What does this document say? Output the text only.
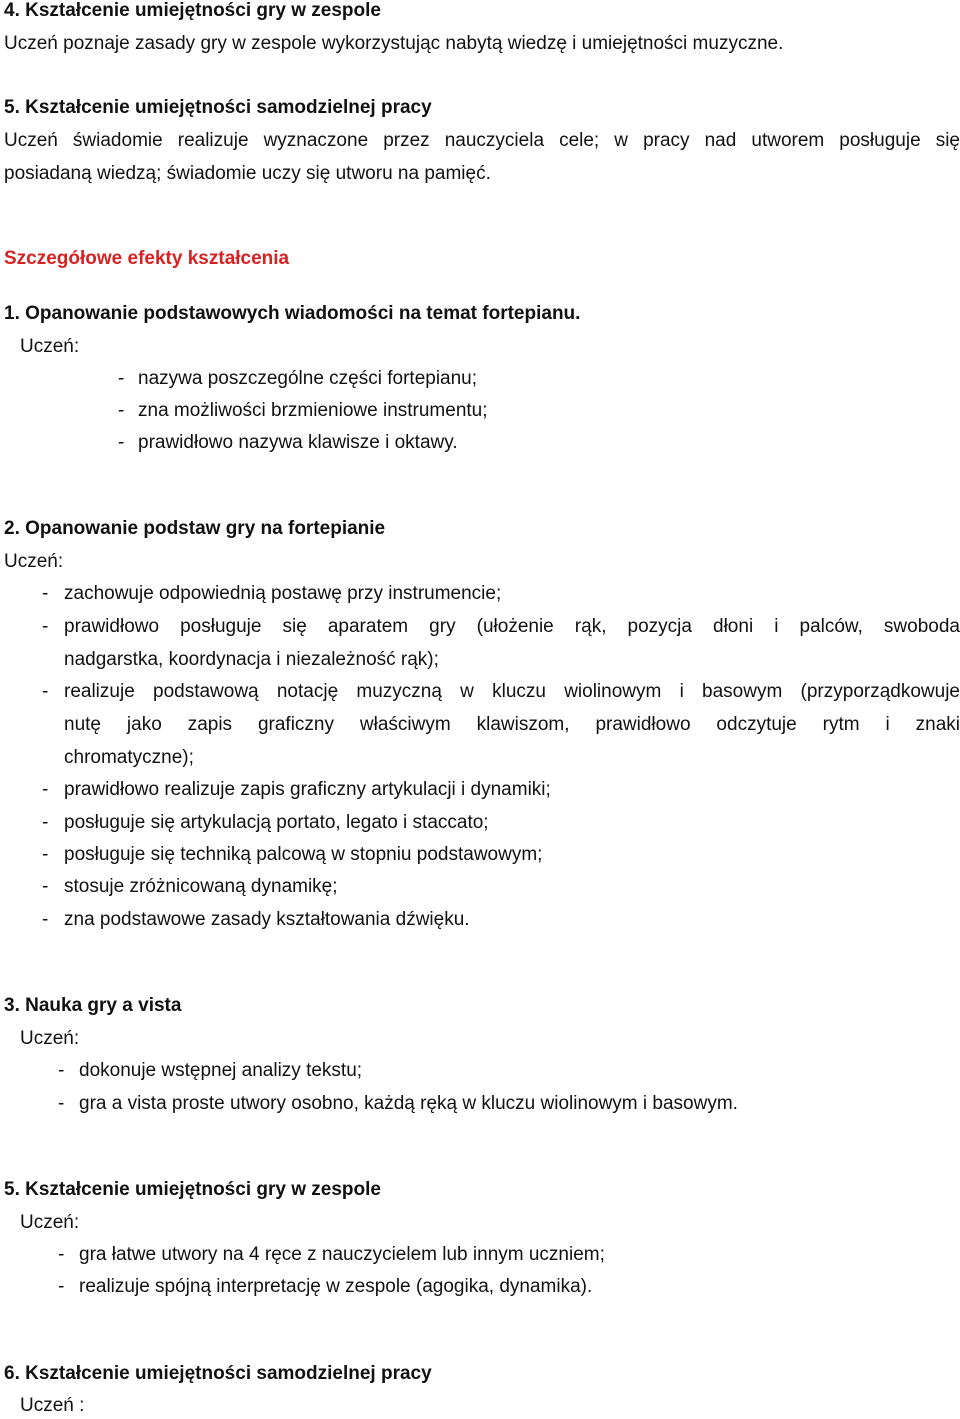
4. Kształcenie umiejętności gry w zespole
Uczeń poznaje zasady gry w zespole wykorzystując nabytą wiedzę i umiejętności muzyczne.
5. Kształcenie umiejętności samodzielnej pracy
Uczeń świadomie realizuje wyznaczone przez nauczyciela cele; w pracy nad utworem posługuje się
posiadaną wiedzą; świadomie uczy się utworu na pamięć.
Szczegółowe efekty kształcenia
1. Opanowanie podstawowych wiadomości na temat fortepianu.
Uczeń:
- nazywa poszczególne części fortepianu;
- zna możliwości brzmieniowe instrumentu;
- prawidłowo nazywa klawisze i oktawy.
2. Opanowanie podstaw gry na fortepianie
Uczeń:
- zachowuje odpowiednią postawę przy instrumencie;
- prawidłowo posługuje się aparatem gry (ułożenie rąk, pozycja dłoni i palców, swoboda
nadgarstka, koordynacja i niezależność rąk);
- realizuje podstawową notację muzyczną w kluczu wiolinowym i basowym (przyporządkowuje
nutę jako zapis graficzny właściwym klawiszom, prawidłowo odczytuje rytm i znaki
chromatyczne);
- prawidłowo realizuje zapis graficzny artykulacji i dynamiki;
- posługuje się artykulacją portato, legato i staccato;
- posługuje się techniką palcową w stopniu podstawowym;
- stosuje zróżnicowaną dynamikę;
- zna podstawowe zasady kształtowania dźwięku.
3. Nauka gry a vista
Uczeń:
- dokonuje wstępnej analizy tekstu;
- gra a vista proste utwory osobno, każdą ręką w kluczu wiolinowym i basowym.
5. Kształcenie umiejętności gry w zespole
Uczeń:
- gra łatwe utwory na 4 ręce z nauczycielem lub innym uczniem;
- realizuje spójną interpretację w zespole (agogika, dynamika).
6. Kształcenie umiejętności samodzielnej pracy
Uczeń :
